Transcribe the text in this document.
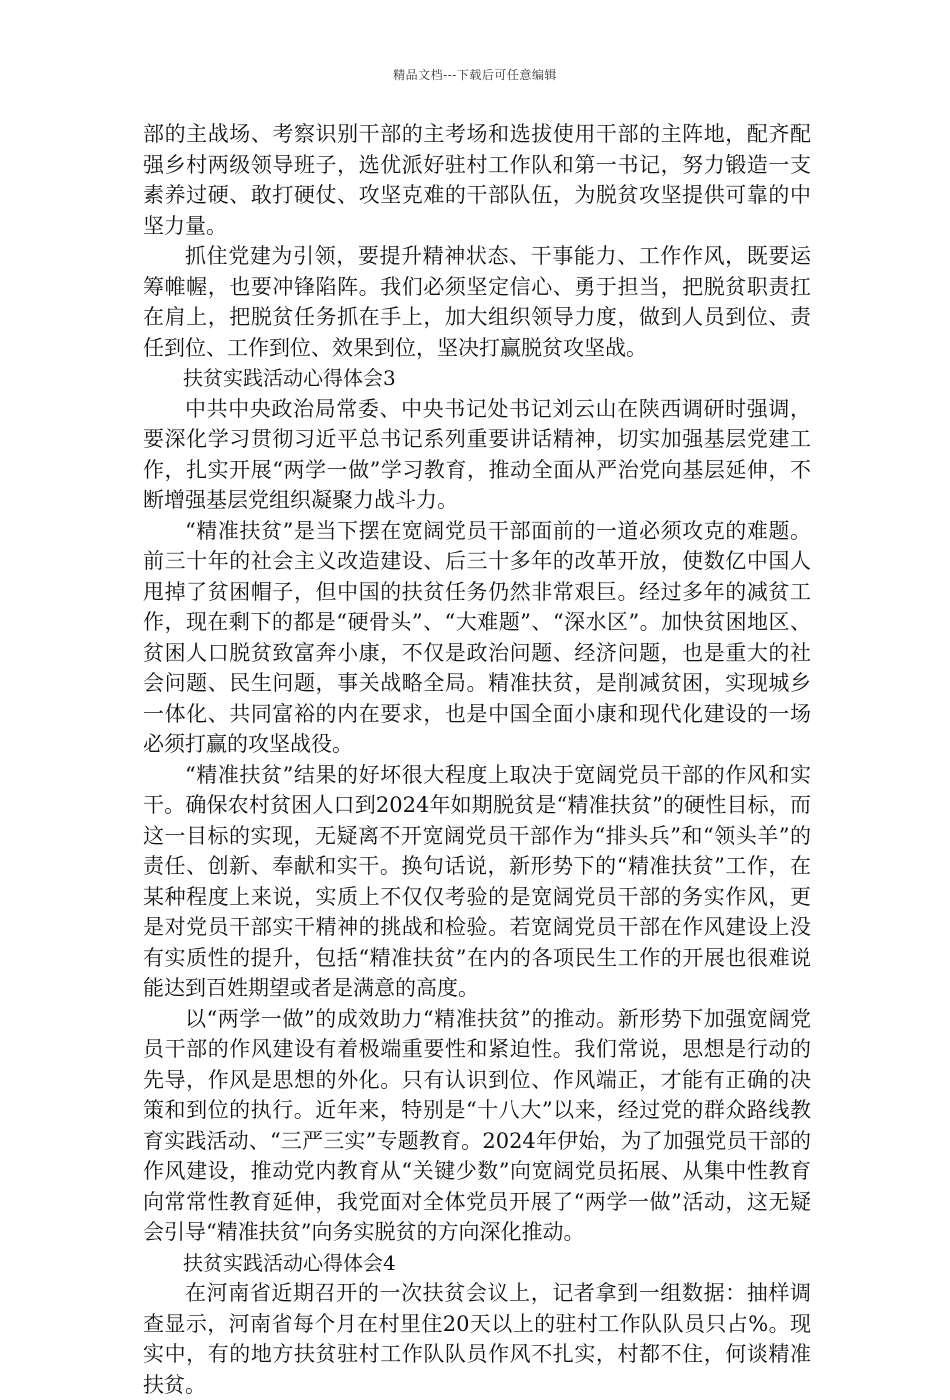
精品文档---下载后可任意编辑

部的主战场、考察识别干部的主考场和选拔使用干部的主阵地，配齐配强乡村两级领导班子，选优派好驻村工作队和第一书记，努力锻造一支素养过硬、敢打硬仗、攻坚克难的干部队伍，为脱贫攻坚提供可靠的中坚力量。

抓住党建为引领，要提升精神状态、干事能力、工作作风，既要运筹帷幄，也要冲锋陷阵。我们必须坚定信心、勇于担当，把脱贫职责扛在肩上，把脱贫任务抓在手上，加大组织领导力度，做到人员到位、责任到位、工作到位、效果到位，坚决打赢脱贫攻坚战。

扶贫实践活动心得体会3

中共中央政治局常委、中央书记处书记刘云山在陕西调研时强调，要深化学习贯彻习近平总书记系列重要讲话精神，切实加强基层党建工作，扎实开展“两学一做”学习教育，推动全面从严治党向基层延伸，不断增强基层党组织凝聚力战斗力。

“精准扶贫”是当下摆在宽阔党员干部面前的一道必须攻克的难题。前三十年的社会主义改造建设、后三十多年的改革开放，使数亿中国人甩掉了贫困帽子，但中国的扶贫任务仍然非常艰巨。经过多年的减贫工作，现在剩下的都是“硬骨头”、“大难题”、“深水区”。加快贫困地区、贫困人口脱贫致富奔小康，不仅是政治问题、经济问题，也是重大的社会问题、民生问题，事关战略全局。精准扶贫，是削减贫困，实现城乡一体化、共同富裕的内在要求，也是中国全面小康和现代化建设的一场必须打赢的攻坚战役。

“精准扶贫”结果的好坏很大程度上取决于宽阔党员干部的作风和实干。确保农村贫困人口到2024年如期脱贫是“精准扶贫”的硬性目标，而这一目标的实现，无疑离不开宽阔党员干部作为“排头兵”和“领头羊”的责任、创新、奉献和实干。换句话说，新形势下的“精准扶贫”工作，在某种程度上来说，实质上不仅仅考验的是宽阔党员干部的务实作风，更是对党员干部实干精神的挑战和检验。若宽阔党员干部在作风建设上没有实质性的提升，包括“精准扶贫”在内的各项民生工作的开展也很难说能达到百姓期望或者是满意的高度。

以“两学一做”的成效助力“精准扶贫”的推动。新形势下加强宽阔党员干部的作风建设有着极端重要性和紧迫性。我们常说，思想是行动的先导，作风是思想的外化。只有认识到位、作风端正，才能有正确的决策和到位的执行。近年来，特别是“十八大”以来，经过党的群众路线教育实践活动、“三严三实”专题教育。2024年伊始，为了加强党员干部的作风建设，推动党内教育从“关键少数”向宽阔党员拓展、从集中性教育向常常性教育延伸，我党面对全体党员开展了“两学一做”活动，这无疑会引导“精准扶贫”向务实脱贫的方向深化推动。

扶贫实践活动心得体会4

在河南省近期召开的一次扶贫会议上，记者拿到一组数据：抽样调查显示，河南省每个月在村里住20天以上的驻村工作队队员只占%。现实中，有的地方扶贫驻村工作队队员作风不扎实，村都不住，何谈精准扶贫。
